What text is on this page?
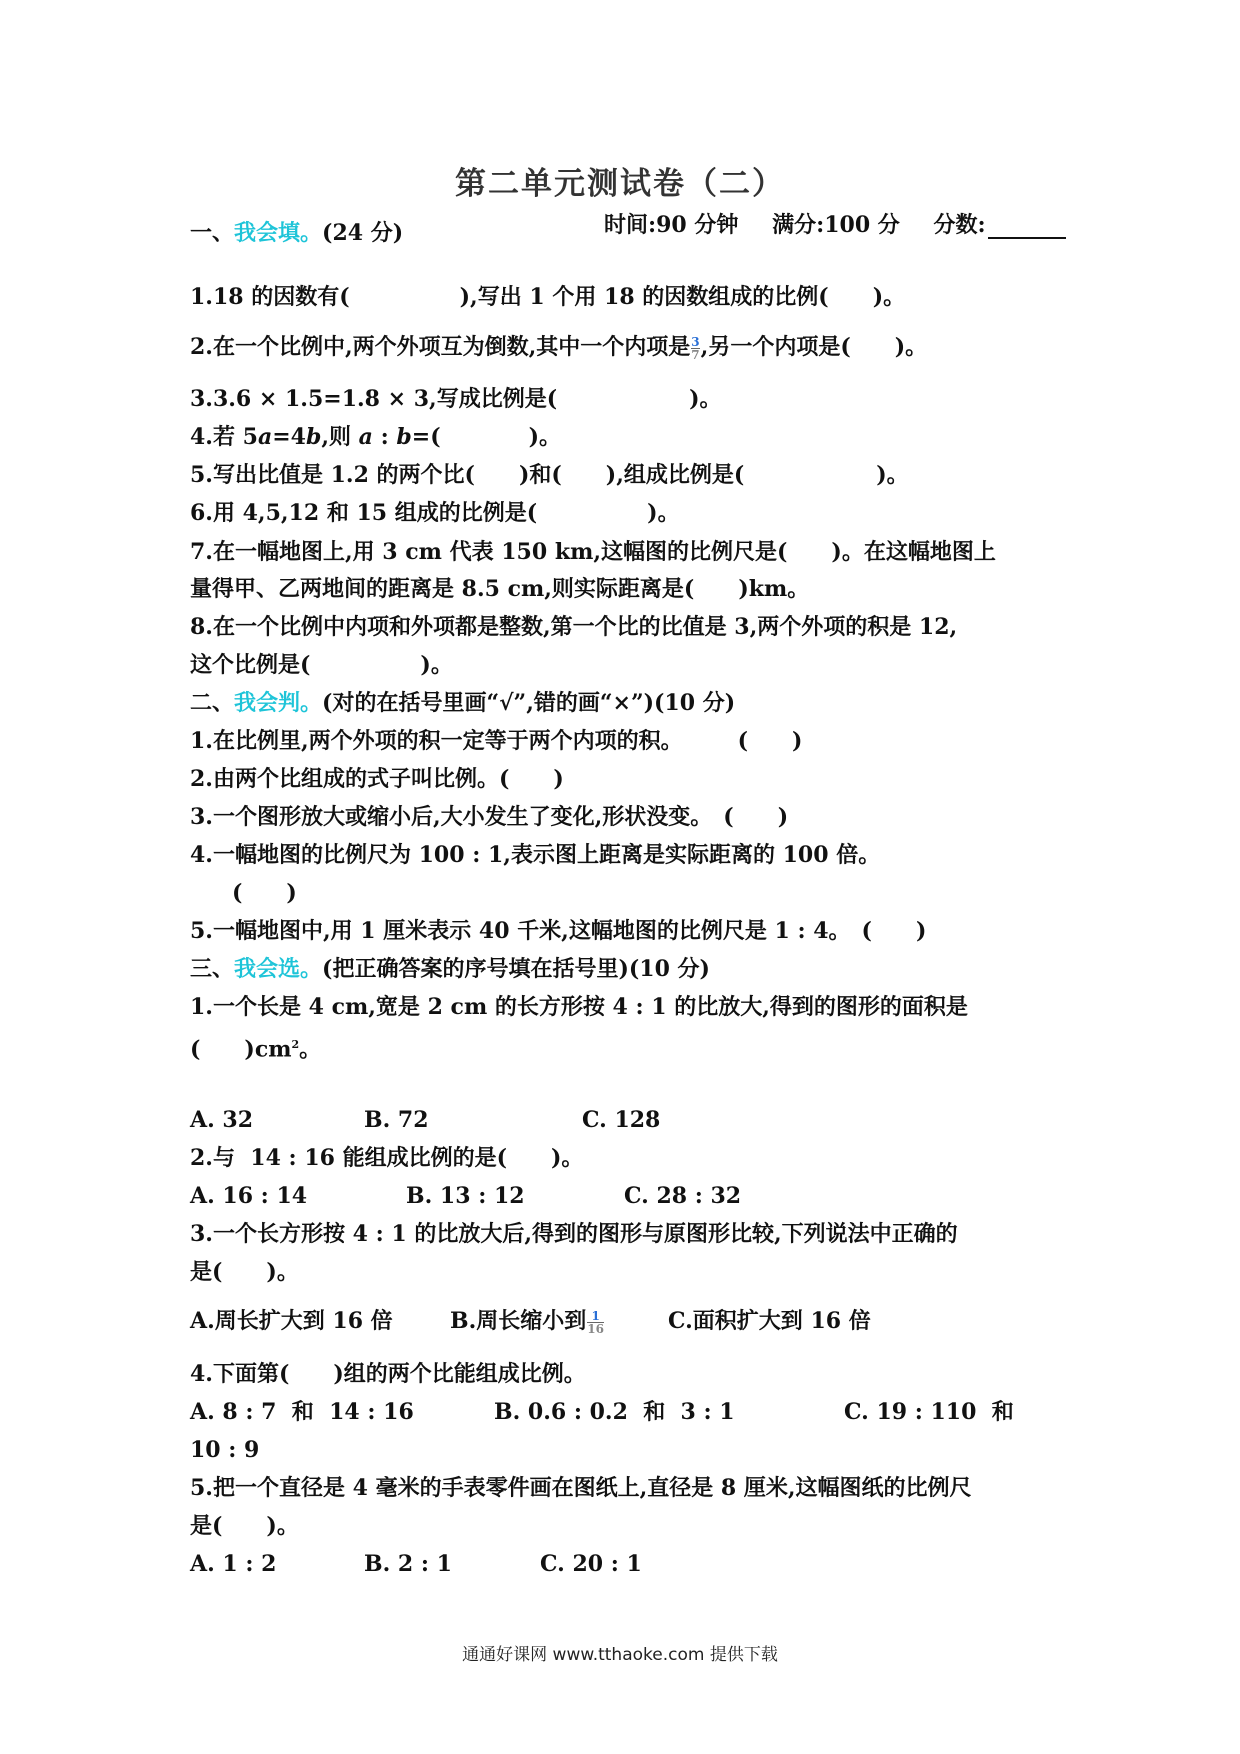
第二单元测试卷（二）
时间:90 分钟 满分:100 分 分数:
一、我会填。(24 分)
1.18 的因数有(　　　　　),写出 1 个用 18 的因数组成的比例(　　)。
2.在一个比例中,两个外项互为倒数,其中一个内项是 $\frac{3}{7}$ ,另一个内项是(　　)。
3.3.6 × 1.5=1.8 × 3,写成比例是(　　　　　　)。
4.若 5a=4b,则 a : b=(　　　　)。
5.写出比值是 1.2 的两个比(　　)和(　　),组成比例是(　　　　　　)。
6.用 4,5,12 和 15 组成的比例是(　　　　　)。
7.在一幅地图上,用 3 cm 代表 150 km,这幅图的比例尺是(　　)。在这幅地图上
量得甲、乙两地间的距离是 8.5 cm,则实际距离是(　　)km。
8.在一个比例中内项和外项都是整数,第一个比的比值是 3,两个外项的积是 12,
这个比例是(　　　　　)。
二、我会判。(对的在括号里画“√”,错的画“×”)(10 分)
1.在比例里,两个外项的积一定等于两个内项的积。　　　(　　)
2.由两个比组成的式子叫比例。(　　)
3.一个图形放大或缩小后,大小发生了变化,形状没变。　(　　)
4.一幅地图的比例尺为 100 : 1,表示图上距离是实际距离的 100 倍。
(　　)
5.一幅地图中,用 1 厘米表示 40 千米,这幅地图的比例尺是 1 : 4。　(　　)
三、我会选。(把正确答案的序号填在括号里)(10 分)
1.一个长是 4 cm,宽是 2 cm 的长方形按 4 : 1 的比放大,得到的图形的面积是
(　　)$cm^2$。
A. 32	B. 72	C. 128
2.与  14 : 16 能组成比例的是(　　)。
A. 16 : 14	B. 13 : 12	C. 28 : 32
3.一个长方形按 4 : 1 的比放大后,得到的图形与原图形比较,下列说法中正确的
是(　　)。
A.周长扩大到 16 倍	B.周长缩小到 $\frac{1}{16}$	C.面积扩大到 16 倍
4.下面第(　　)组的两个比能组成比例。
A. 8 : 7  和  14 : 16	B. 0.6 : 0.2  和  3 : 1	C. 19 : 110  和
10 : 9
5.把一个直径是 4 毫米的手表零件画在图纸上,直径是 8 厘米,这幅图纸的比例尺
是(　　)。
A. 1 : 2	B. 2 : 1	C. 20 : 1
通通好课网 www.tthaoke.com 提供下载
